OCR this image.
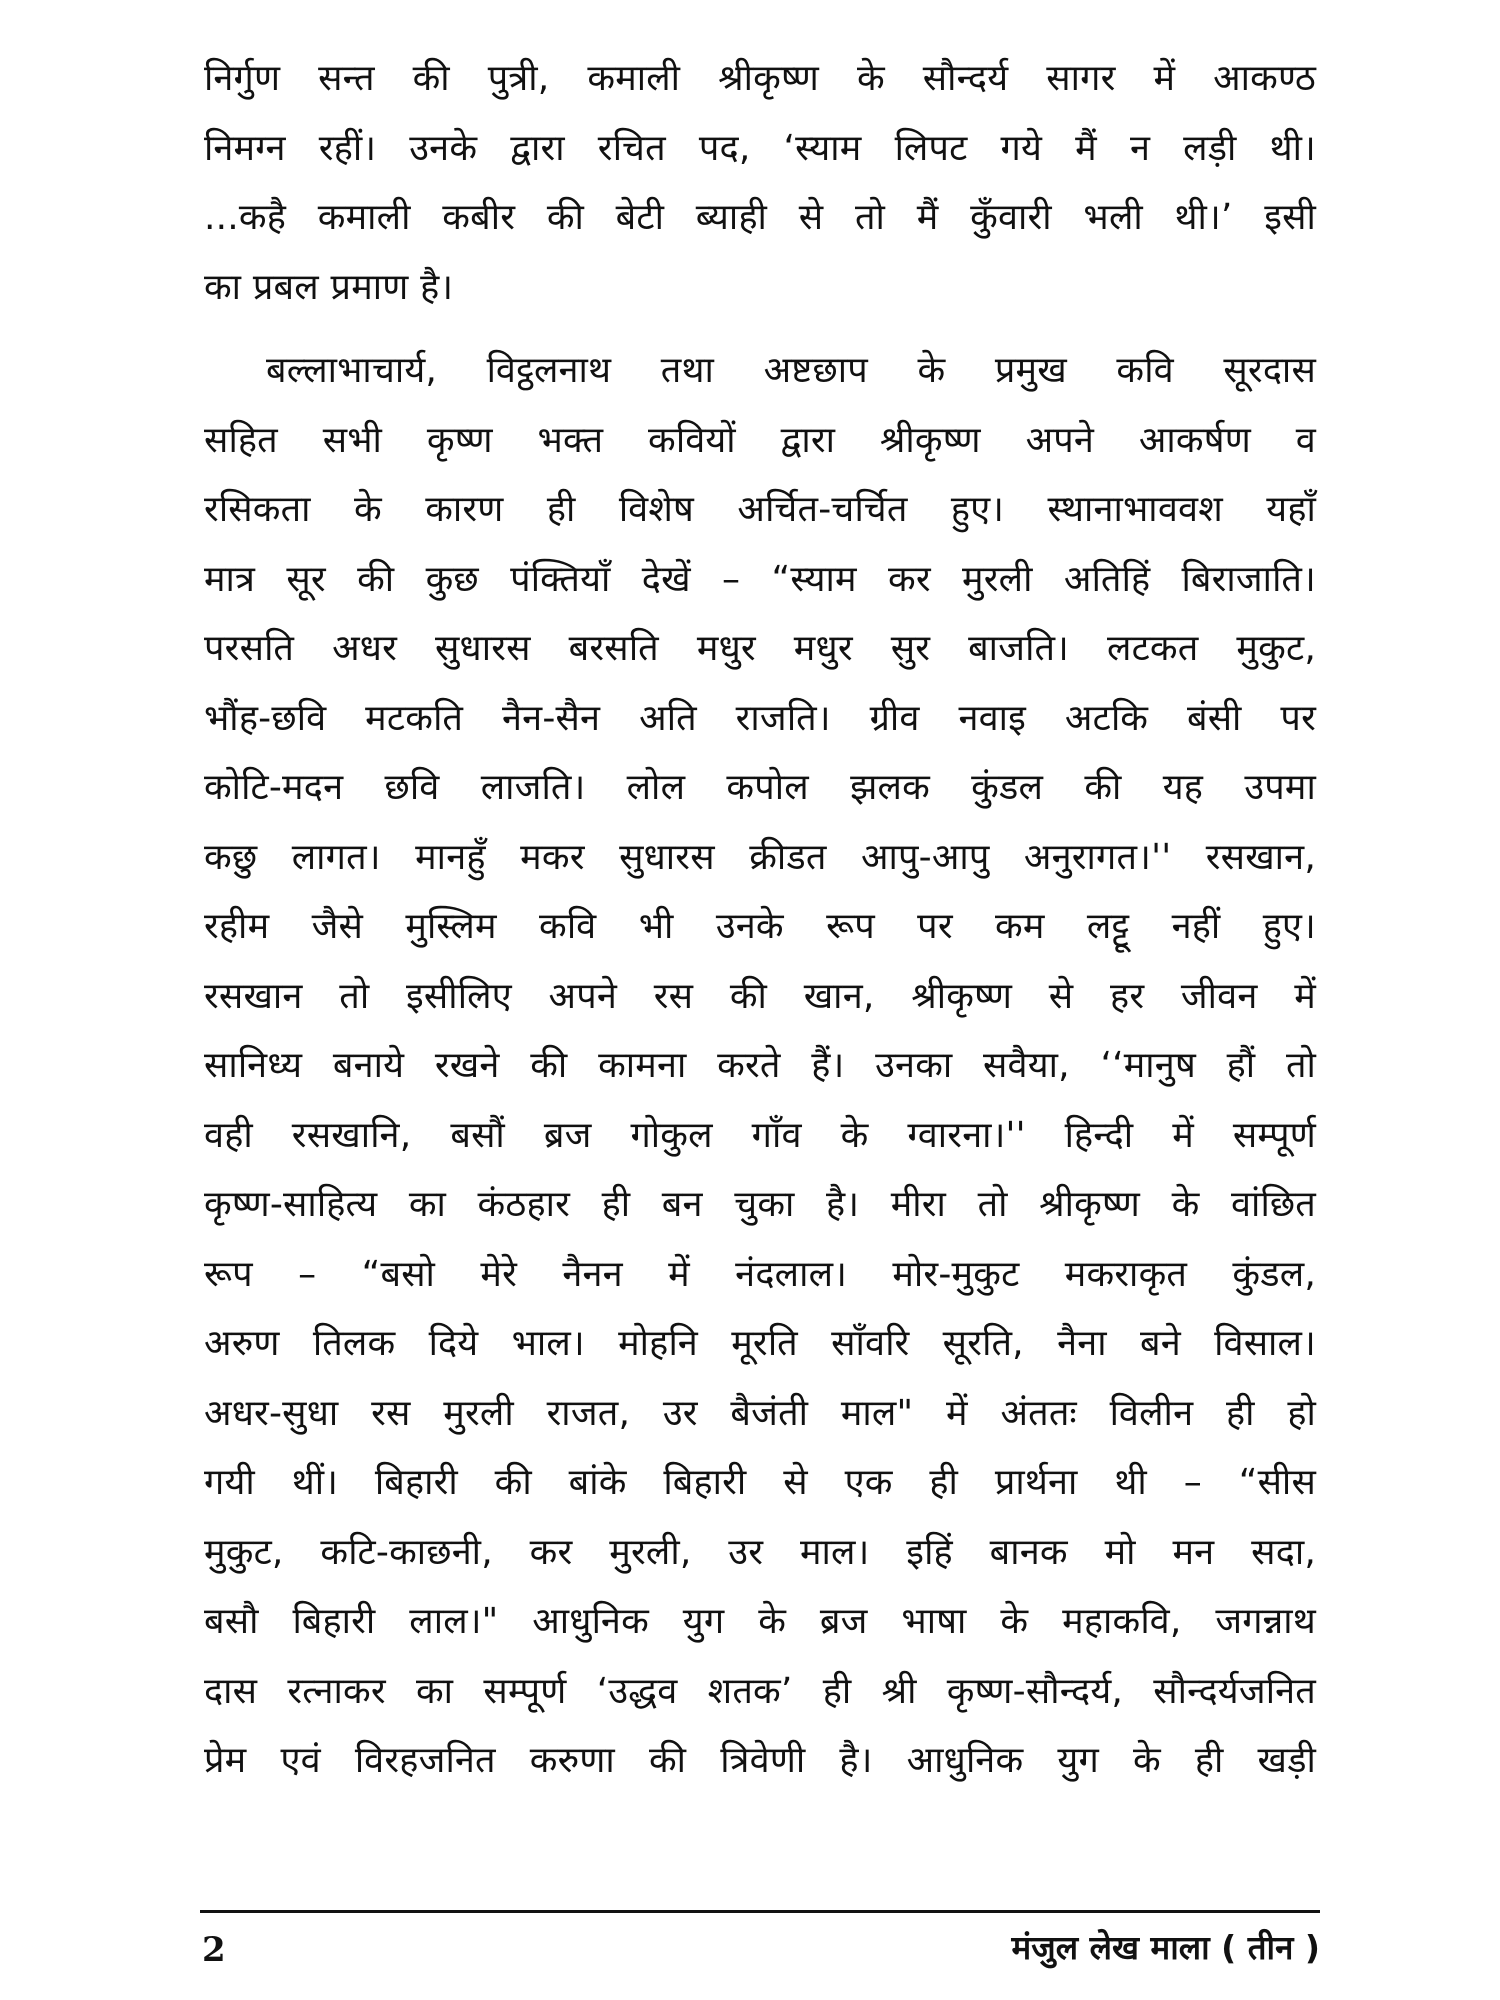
निर्गुण सन्त की पुत्री, कमाली श्रीकृष्ण के सौन्दर्य सागर में आकण्ठ
निमग्न रहीं। उनके द्वारा रचित पद, ‘स्याम लिपट गये मैं न लड़ी थी।
...कहै कमाली कबीर की बेटी ब्याही से तो मैं कुँवारी भली थी।’ इसी
का प्रबल प्रमाण है।
बल्लाभाचार्य, विट्ठलनाथ तथा अष्टछाप के प्रमुख कवि सूरदास
सहित सभी कृष्ण भक्त कवियों द्वारा श्रीकृष्ण अपने आकर्षण व
रसिकता के कारण ही विशेष अर्चित-चर्चित हुए। स्थानाभाववश यहाँ
मात्र सूर की कुछ पंक्तियाँ देखें – “स्याम कर मुरली अतिहिं बिराजाति।
परसति अधर सुधारस बरसति मधुर मधुर सुर बाजति। लटकत मुकुट,
भौंह-छवि मटकति नैन-सैन अति राजति। ग्रीव नवाइ अटकि बंसी पर
कोटि-मदन छवि लाजति। लोल कपोल झलक कुंडल की यह उपमा
कछु लागत। मानहुँ मकर सुधारस क्रीडत आपु-आपु अनुरागत।'' रसखान,
रहीम जैसे मुस्लिम कवि भी उनके रूप पर कम लट्टू नहीं हुए।
रसखान तो इसीलिए अपने रस की खान, श्रीकृष्ण से हर जीवन में
सानिध्य बनाये रखने की कामना करते हैं। उनका सवैया, ‘‘मानुष हौं तो
वही रसखानि, बसौं ब्रज गोकुल गाँव के ग्वारना।'' हिन्दी में सम्पूर्ण
कृष्ण-साहित्य का कंठहार ही बन चुका है। मीरा तो श्रीकृष्ण के वांछित
रूप – “बसो मेरे नैनन में नंदलाल। मोर-मुकुट मकराकृत कुंडल,
अरुण तिलक दिये भाल। मोहनि मूरति साँवरि सूरति, नैना बने विसाल।
अधर-सुधा रस मुरली राजत, उर बैजंती माल" में अंततः विलीन ही हो
गयी थीं। बिहारी की बांके बिहारी से एक ही प्रार्थना थी – “सीस
मुकुट, कटि-काछनी, कर मुरली, उर माल। इहिं बानक मो मन सदा,
बसौ बिहारी लाल।" आधुनिक युग के ब्रज भाषा के महाकवि, जगन्नाथ
दास रत्नाकर का सम्पूर्ण ‘उद्धव शतक’ ही श्री कृष्ण-सौन्दर्य, सौन्दर्यजनित
प्रेम एवं विरहजनित करुणा की त्रिवेणी है। आधुनिक युग के ही खड़ी
2	मंजुल लेख माला ( तीन )
